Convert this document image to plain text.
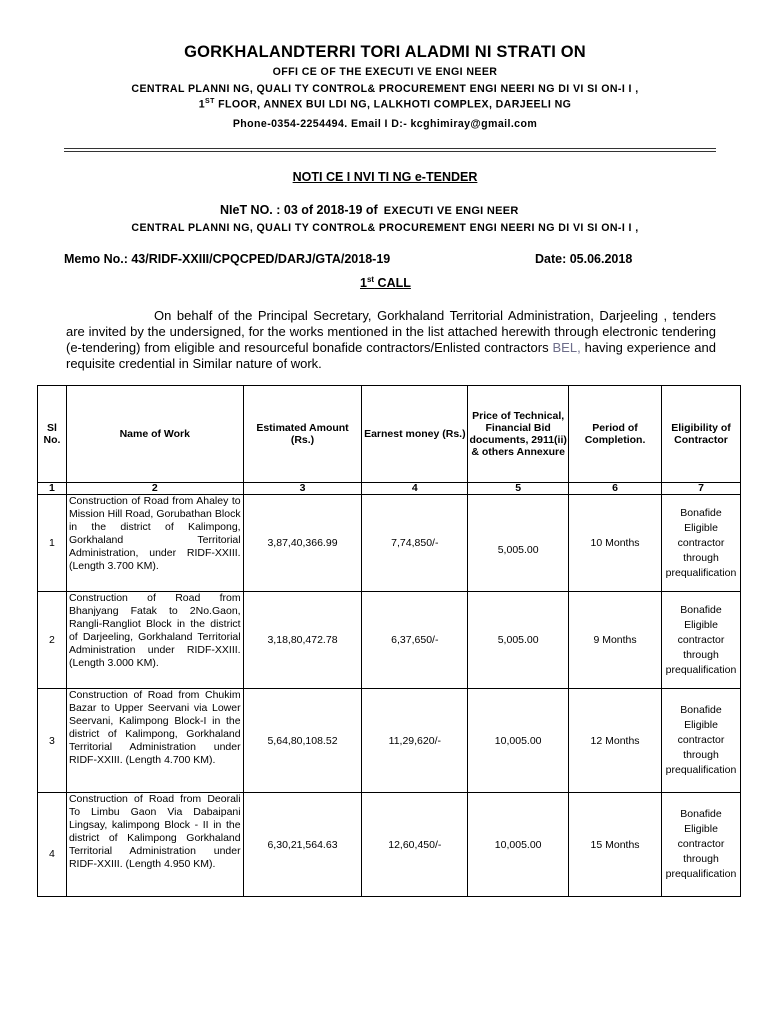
GORKHALANDTERRI TORI ALADMI NI STRATI ON
OFFI CE OF THE EXECUTI VE ENGI NEER
CENTRAL PLANNI NG, QUALI TY CONTROL& PROCUREMENT ENGI NEERI NG DI VI SI ON-I I ,
1ST FLOOR, ANNEX BUI LDI NG, LALKHOTI COMPLEX, DARJEELI NG
Phone-0354-2254494. Email I D:- kcghimiray@gmail.com
NOTI CE I NVI TI NG e-TENDER
NIeT NO. : 03 of 2018-19 of EXECUTI VE ENGI NEER
CENTRAL PLANNI NG, QUALI TY CONTROL& PROCUREMENT ENGI NEERI NG DI VI SI ON-I I ,
Memo No.: 43/RIDF-XXIII/CPQCPED/DARJ/GTA/2018-19	Date: 05.06.2018
1st CALL
On behalf of the Principal Secretary, Gorkhaland Territorial Administration, Darjeeling , tenders are invited by the undersigned, for the works mentioned in the list attached herewith through electronic tendering (e-tendering) from eligible and resourceful bonafide contractors/Enlisted contractors BEL, having experience and requisite credential in Similar nature of work.
Sl No.	Name of Work	Estimated Amount (Rs.)	Earnest money (Rs.)	Price of Technical, Financial Bid documents, 2911(ii) & others Annexure	Period of Completion.	Eligibility of Contractor
1	2	3	4	5	6	7
1	Construction of Road from Ahaley to Mission Hill Road, Gorubathan Block in the district of Kalimpong, Gorkhaland Territorial Administration, under RIDF-XXIII. (Length 3.700 KM).	3,87,40,366.99	7,74,850/-	5,005.00	10 Months	Bonafide Eligible contractor through prequalification
2	Construction of Road from Bhanjyang Fatak to 2No.Gaon, Rangli-Rangliot Block in the district of Darjeeling, Gorkhaland Territorial Administration under RIDF-XXIII. (Length 3.000 KM).	3,18,80,472.78	6,37,650/-	5,005.00	9 Months	Bonafide Eligible contractor through prequalification
3	Construction of Road from Chukim Bazar to Upper Seervani via Lower Seervani, Kalimpong Block-I in the district of Kalimpong, Gorkhaland Territorial Administration under RIDF-XXIII. (Length 4.700 KM).	5,64,80,108.52	11,29,620/-	10,005.00	12 Months	Bonafide Eligible contractor through prequalification
4	Construction of Road from Deorali To Limbu Gaon Via Dabaipani Lingsay, kalimpong Block - II in the district of Kalimpong Gorkhaland Territorial Administration under RIDF-XXIII. (Length 4.950 KM).	6,30,21,564.63	12,60,450/-	10,005.00	15 Months	Bonafide Eligible contractor through prequalification
